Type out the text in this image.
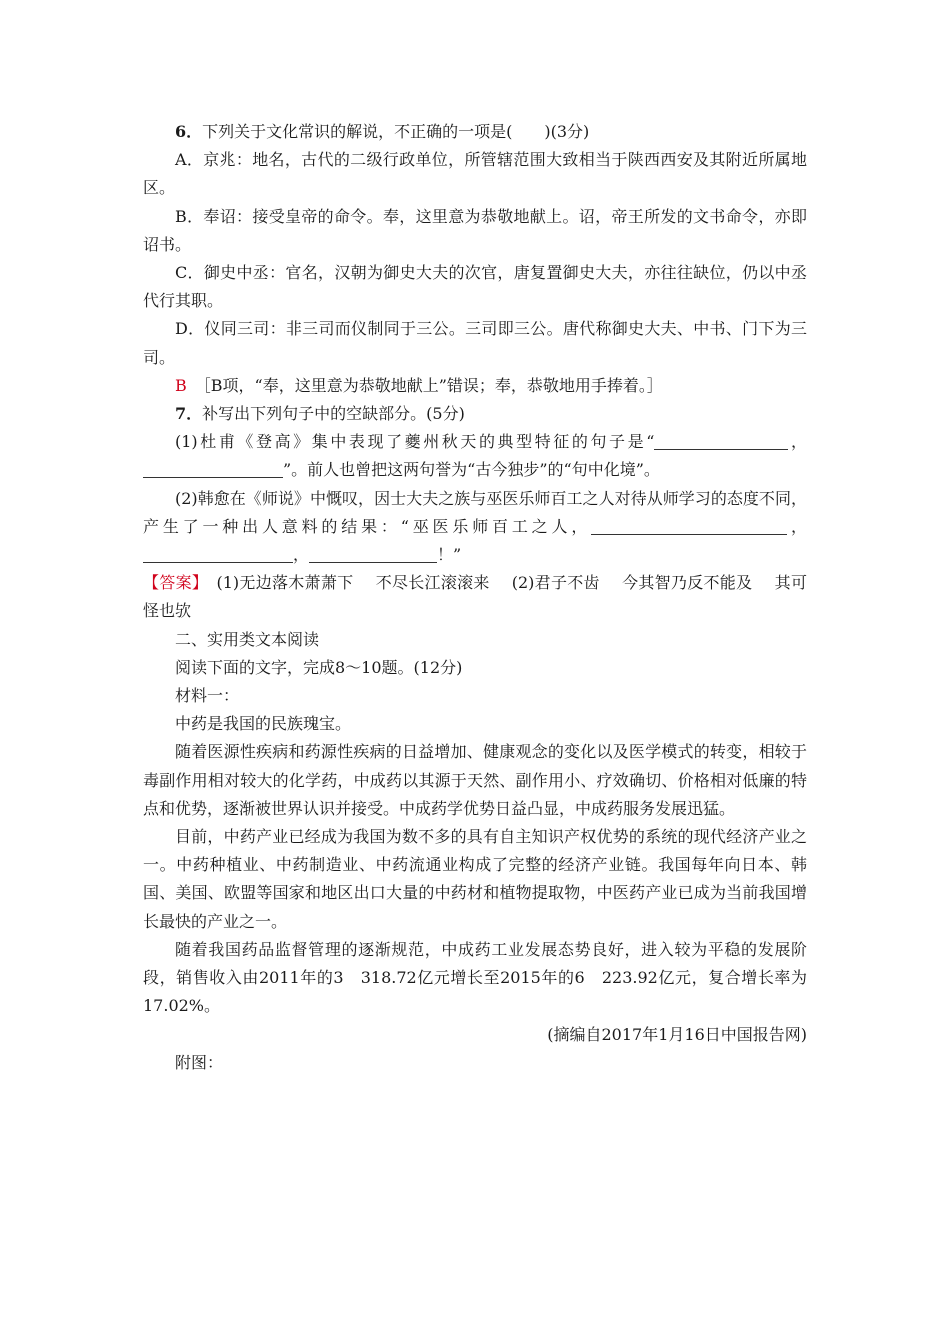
6．下列关于文化常识的解说，不正确的一项是(　　)(3分)

A．京兆：地名，古代的二级行政单位，所管辖范围大致相当于陕西西安及其附近所属地区。

B．奉诏：接受皇帝的命令。奉，这里意为恭敬地献上。诏，帝王所发的文书命令，亦即诏书。

C．御史中丞：官名，汉朝为御史大夫的次官，唐复置御史大夫，亦往往缺位，仍以中丞代行其职。

D．仪同三司：非三司而仪制同于三公。三司即三公。唐代称御史大夫、中书、门下为三司。

B　 ［B项，“奉，这里意为恭敬地献上”错误；奉，恭敬地用手捧着。］

7．补写出下列句子中的空缺部分。(5分)

(1)杜甫《登高》集中表现了夔州秋天的典型特征的句子是“	，”。前人也曾把这两句誉为“古今独步”的“句中化境”。

(2)韩愈在《师说》中慨叹，因士大夫之族与巫医乐师百工之人对待从师学习的态度不同，产生了一种出人意料的结果：“巫医乐师百工之人，	，，	！”

【答案】　 (1)无边落木萧萧下 不尽长江滚滚来 (2)君子不齿 今其智乃反不能及 其可怪也欤

二、实用类文本阅读

阅读下面的文字，完成8～10题。(12分)

材料一：

中药是我国的民族瑰宝。

随着医源性疾病和药源性疾病的日益增加、健康观念的变化以及医学模式的转变，相较于毒副作用相对较大的化学药，中成药以其源于天然、副作用小、疗效确切、价格相对低廉的特点和优势，逐渐被世界认识并接受。中成药学优势日益凸显，中成药服务发展迅猛。

目前，中药产业已经成为我国为数不多的具有自主知识产权优势的系统的现代经济产业之一。中药种植业、中药制造业、中药流通业构成了完整的经济产业链。我国每年向日本、韩国、美国、欧盟等国家和地区出口大量的中药材和植物提取物，中医药产业已成为当前我国增长最快的产业之一。

随着我国药品监督管理的逐渐规范，中成药工业发展态势良好，进入较为平稳的发展阶段，销售收入由2011年的3　318.72亿元增长至2015年的6　223.92亿元，复合增长率为17.02%。

(摘编自2017年1月16日中国报告网)

附图：
